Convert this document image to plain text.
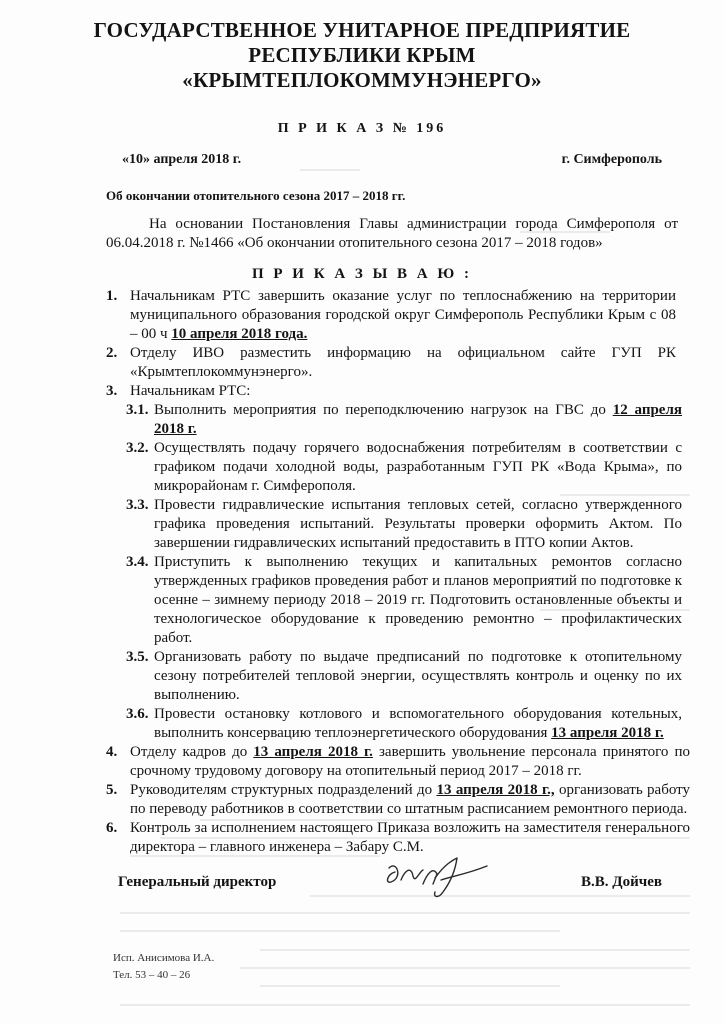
ГОСУДАРСТВЕННОЕ УНИТАРНОЕ ПРЕДПРИЯТИЕ
РЕСПУБЛИКИ КРЫМ
«КРЫМТЕПЛОКОММУНЭНЕРГО»
П Р И К А З № 196
«10» апреля 2018 г.	г. Симферополь
Об окончании отопительного сезона 2017 – 2018 гг.
На основании Постановления Главы администрации города Симферополя от 06.04.2018 г. №1466 «Об окончании отопительного сезона 2017 – 2018 годов»
П Р И К А З Ы В А Ю :
1. Начальникам РТС завершить оказание услуг по теплоснабжению на территории муниципального образования городской округ Симферополь Республики Крым с 08 – 00 ч 10 апреля 2018 года.
2. Отделу ИВО разместить информацию на официальном сайте ГУП РК «Крымтеплокоммунэнерго».
3. Начальникам РТС:
3.1. Выполнить мероприятия по переподключению нагрузок на ГВС до 12 апреля 2018 г.
3.2. Осуществлять подачу горячего водоснабжения потребителям в соответствии с графиком подачи холодной воды, разработанным ГУП РК «Вода Крыма», по микрорайонам г. Симферополя.
3.3. Провести гидравлические испытания тепловых сетей, согласно утвержденного графика проведения испытаний. Результаты проверки оформить Актом. По завершении гидравлических испытаний предоставить в ПТО копии Актов.
3.4. Приступить к выполнению текущих и капитальных ремонтов согласно утвержденных графиков проведения работ и планов мероприятий по подготовке к осенне – зимнему периоду 2018 – 2019 гг. Подготовить остановленные объекты и технологическое оборудование к проведению ремонтно – профилактических работ.
3.5. Организовать работу по выдаче предписаний по подготовке к отопительному сезону потребителей тепловой энергии, осуществлять контроль и оценку по их выполнению.
3.6. Провести остановку котлового и вспомогательного оборудования котельных, выполнить консервацию теплоэнергетического оборудования 13 апреля 2018 г.
4. Отделу кадров до 13 апреля 2018 г. завершить увольнение персонала принятого по срочному трудовому договору на отопительный период 2017 – 2018 гг.
5. Руководителям структурных подразделений до 13 апреля 2018 г., организовать работу по переводу работников в соответствии со штатным расписанием ремонтного периода.
6. Контроль за исполнением настоящего Приказа возложить на заместителя генерального директора – главного инженера – Забару С.М.
Генеральный директор	В.В. Дойчев
Исп. Анисимова И.А.
Тел. 53 – 40 – 26
